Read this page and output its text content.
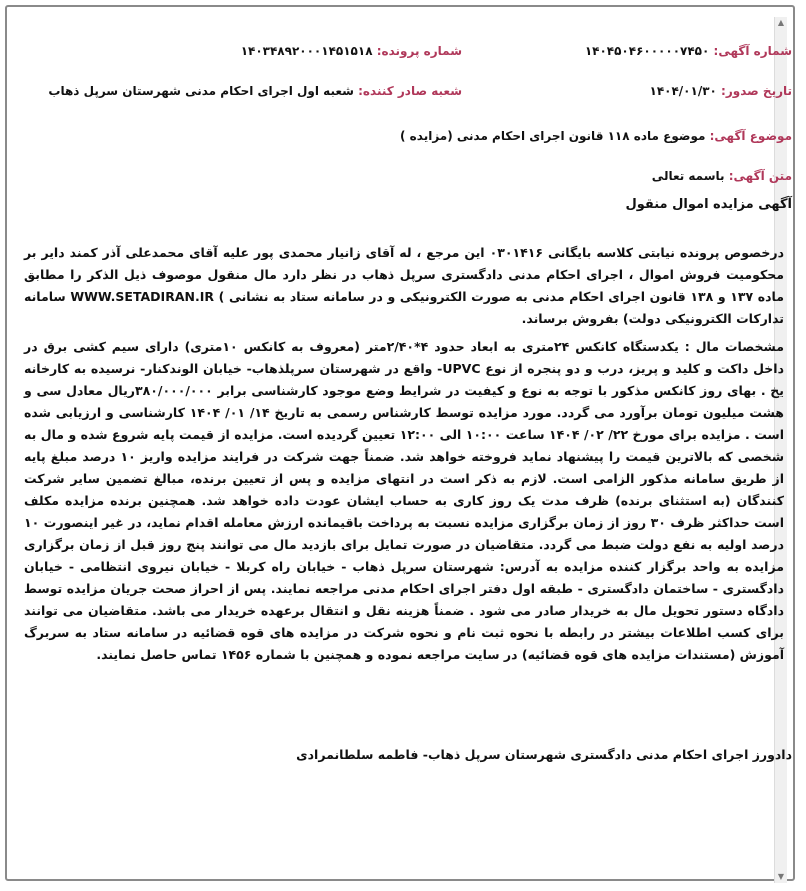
▲
▼
شماره آگهی: ۱۴۰۴۵۰۴۶۰۰۰۰۰۷۴۵۰
شماره پرونده: ۱۴۰۳۴۸۹۲۰۰۰۱۴۵۱۵۱۸
تاریخ صدور: ۱۴۰۴/۰۱/۳۰
شعبه صادر کننده: شعبه اول اجرای احکام مدنی شهرستان سرپل ذهاب
موضوع آگهی: موضوع ماده ۱۱۸ قانون اجرای احکام مدنی (مزایده )
متن آگهی: باسمه تعالی
آگهی مزایده اموال منقول

درخصوص پرونده نیابتی کلاسه بایگانی ۰۳۰۱۴۱۶ این مرجع ، له آقای زانیار محمدی پور علیه آقای محمدعلی آذر کمند دایر بر محکومیت فروش اموال ، اجرای احکام مدنی دادگستری سرپل ذهاب در نظر دارد مال منقول موصوف ذیل الذکر را مطابق ماده ۱۳۷ و ۱۳۸ قانون اجرای احکام مدنی به صورت الکترونیکی و در سامانه ستاد به نشانی ) WWW.SETADIRAN.IR سامانه تدارکات الکترونیکی دولت) بفروش برساند.

مشخصات مال : یکدستگاه کانکس ۲۴متری به ابعاد حدود ۴*۲/۴۰متر (معروف به کانکس ۱۰متری) دارای سیم کشی برق در داخل داکت و کلید و پریز، درب و دو پنجره از نوع UPVC- واقع در شهرستان سرپلذهاب- خیابان الوندکنار- نرسیده به کارخانه یخ . بهای روز کانکس مذکور با توجه به نوع و کیفیت در شرایط وضع موجود کارشناسی برابر ۳۸۰/۰۰۰/۰۰۰ریال معادل سی و هشت میلیون تومان برآورد می گردد. مورد مزایده توسط کارشناس رسمی به تاریخ ۱۴/ ۰۱/ ۱۴۰۴ کارشناسی و ارزیابی شده است . مزایده برای مورخ ۲۲/ ۰۲/ ۱۴۰۴ ساعت ۱۰:۰۰ الی ۱۲:۰۰ تعیین گردیده است. مزایده از قیمت پایه شروع شده و مال به شخصی که بالاترین قیمت را پیشنهاد نماید فروخته خواهد شد. ضمناً جهت شرکت در فرایند مزایده واریز ۱۰ درصد مبلغ پایه از طریق سامانه مذکور الزامی است. لازم به ذکر است در انتهای مزایده و پس از تعیین برنده، مبالغ تضمین سایر شرکت کنندگان (به استثنای برنده) ظرف مدت یک روز کاری به حساب ایشان عودت داده خواهد شد. همچنین برنده مزایده مکلف است حداکثر ظرف ۳۰ روز از زمان برگزاری مزایده نسبت به پرداخت باقیمانده ارزش معامله اقدام نماید، در غیر اینصورت ۱۰ درصد اولیه به نفع دولت ضبط می گردد. متقاضیان در صورت تمایل برای بازدید مال می توانند پنج روز قبل از زمان برگزاری مزایده به واحد برگزار کننده مزایده به آدرس: شهرستان سرپل ذهاب - خیابان راه کربلا - خیابان نیروی انتظامی - خیابان دادگستری - ساختمان دادگستری - طبقه اول دفتر اجرای احکام مدنی مراجعه نمایند. پس از احراز صحت جریان مزایده توسط دادگاه دستور تحویل مال به خریدار صادر می شود . ضمناً هزینه نقل و انتقال برعهده خریدار می باشد. متقاضیان می توانند برای کسب اطلاعات بیشتر در رابطه با نحوه ثبت نام و نحوه شرکت در مزایده های قوه قضائیه در سامانه ستاد به سربرگ آموزش (مستندات مزایده های قوه قضائیه) در سایت مراجعه نموده و همچنین با شماره ۱۴۵۶ تماس حاصل نمایند.

دادورز اجرای احکام مدنی دادگستری شهرستان سرپل ذهاب- فاطمه سلطانمرادی
